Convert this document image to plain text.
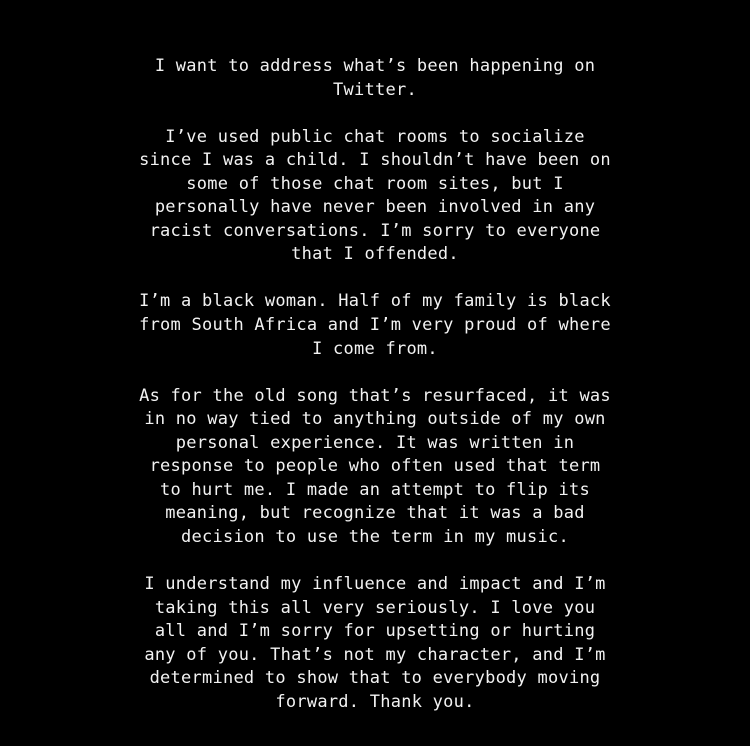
I want to address what’s been happening on
Twitter.
I’ve used public chat rooms to socialize
since I was a child. I shouldn’t have been on
some of those chat room sites, but I
personally have never been involved in any
racist conversations. I’m sorry to everyone
that I offended.
I’m a black woman. Half of my family is black
from South Africa and I’m very proud of where
I come from.
As for the old song that’s resurfaced, it was
in no way tied to anything outside of my own
personal experience. It was written in
response to people who often used that term
to hurt me. I made an attempt to flip its
meaning, but recognize that it was a bad
decision to use the term in my music.
I understand my influence and impact and I’m
taking this all very seriously. I love you
all and I’m sorry for upsetting or hurting
any of you. That’s not my character, and I’m
determined to show that to everybody moving
forward. Thank you.
